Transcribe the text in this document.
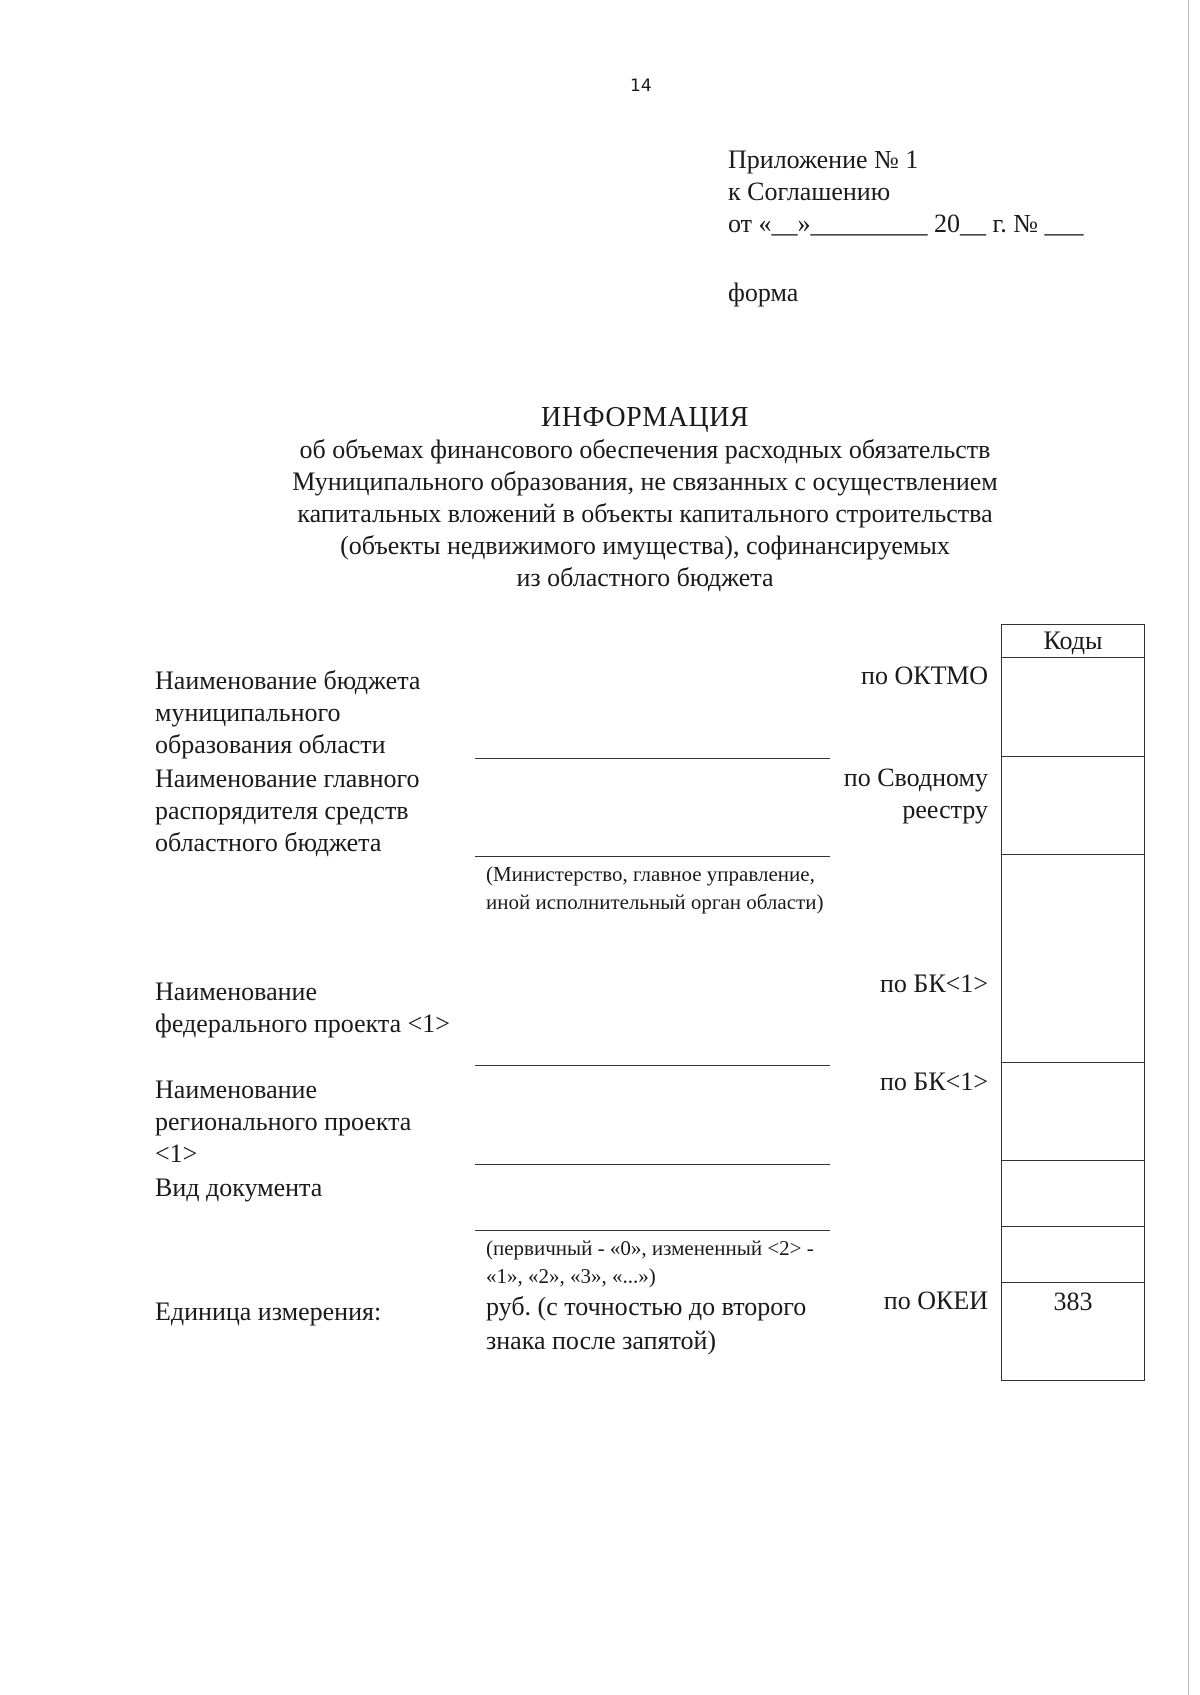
14
Приложение № 1
к Соглашению
от «__»_________ 20__ г. № ___
форма
ИНФОРМАЦИЯ
об объемах финансового обеспечения расходных обязательств
Муниципального образования, не связанных с осуществлением
капитальных вложений в объекты капитального строительства
(объекты недвижимого имущества), софинансируемых
из областного бюджета
Наименование бюджета муниципального образования области
по ОКТМО
Наименование главного распорядителя средств областного бюджета
по Сводному реестру
(Министерство, главное управление, иной исполнительный орган области)
Наименование федерального проекта <1>
по БК<1>
Наименование регионального проекта <1>
по БК<1>
Вид документа
(первичный - «0», измененный <2> - «1», «2», «3», «...»)
Единица измерения:	руб. (с точностью до второго знака после запятой)
по ОКЕИ
Коды
383
